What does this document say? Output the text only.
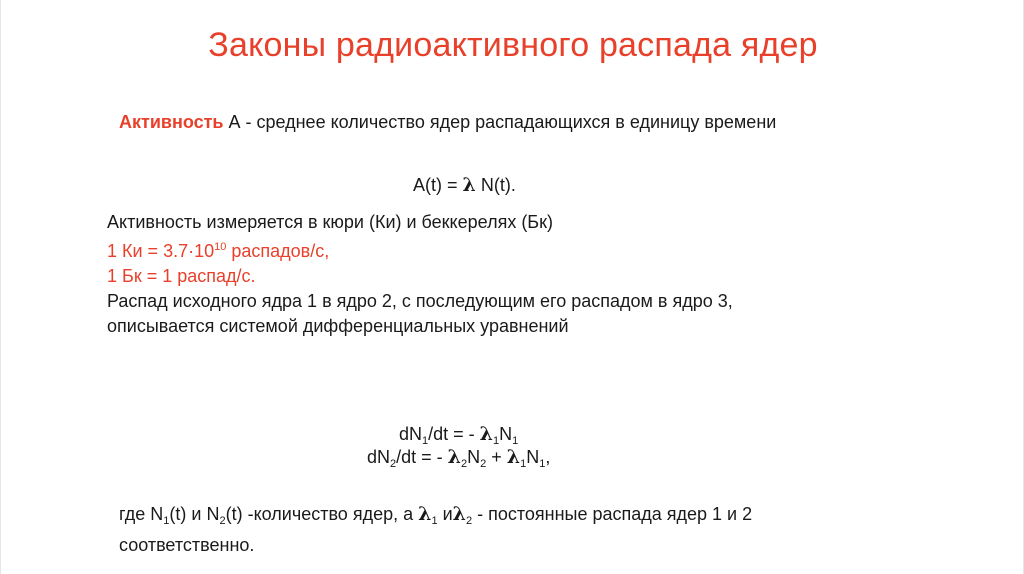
Законы радиоактивного распада ядер
Активность А - среднее количество ядер распадающихся в единицу времени
A(t) = λ N(t).
Активность измеряется в кюри (Ки) и беккерелях (Бк)
1 Ки = $3.7\cdot 10^{10}$ распадов/с,
1 Бк = 1 распад/с.
Распад исходного ядра 1 в ядро 2, с последующим его распадом в ядро 3,
описывается системой дифференциальных уравнений
$dN_1/dt$ = - $\lambda_1N_1$
$dN_2/dt$ = - $\lambda_2N_2 + \lambda_1N_1$,
где $N_1(t)$ и $N_2(t)$ -количество ядер, а $\lambda_1$ $и\lambda_2$ - постоянные распада ядер 1 и 2
соответственно.
